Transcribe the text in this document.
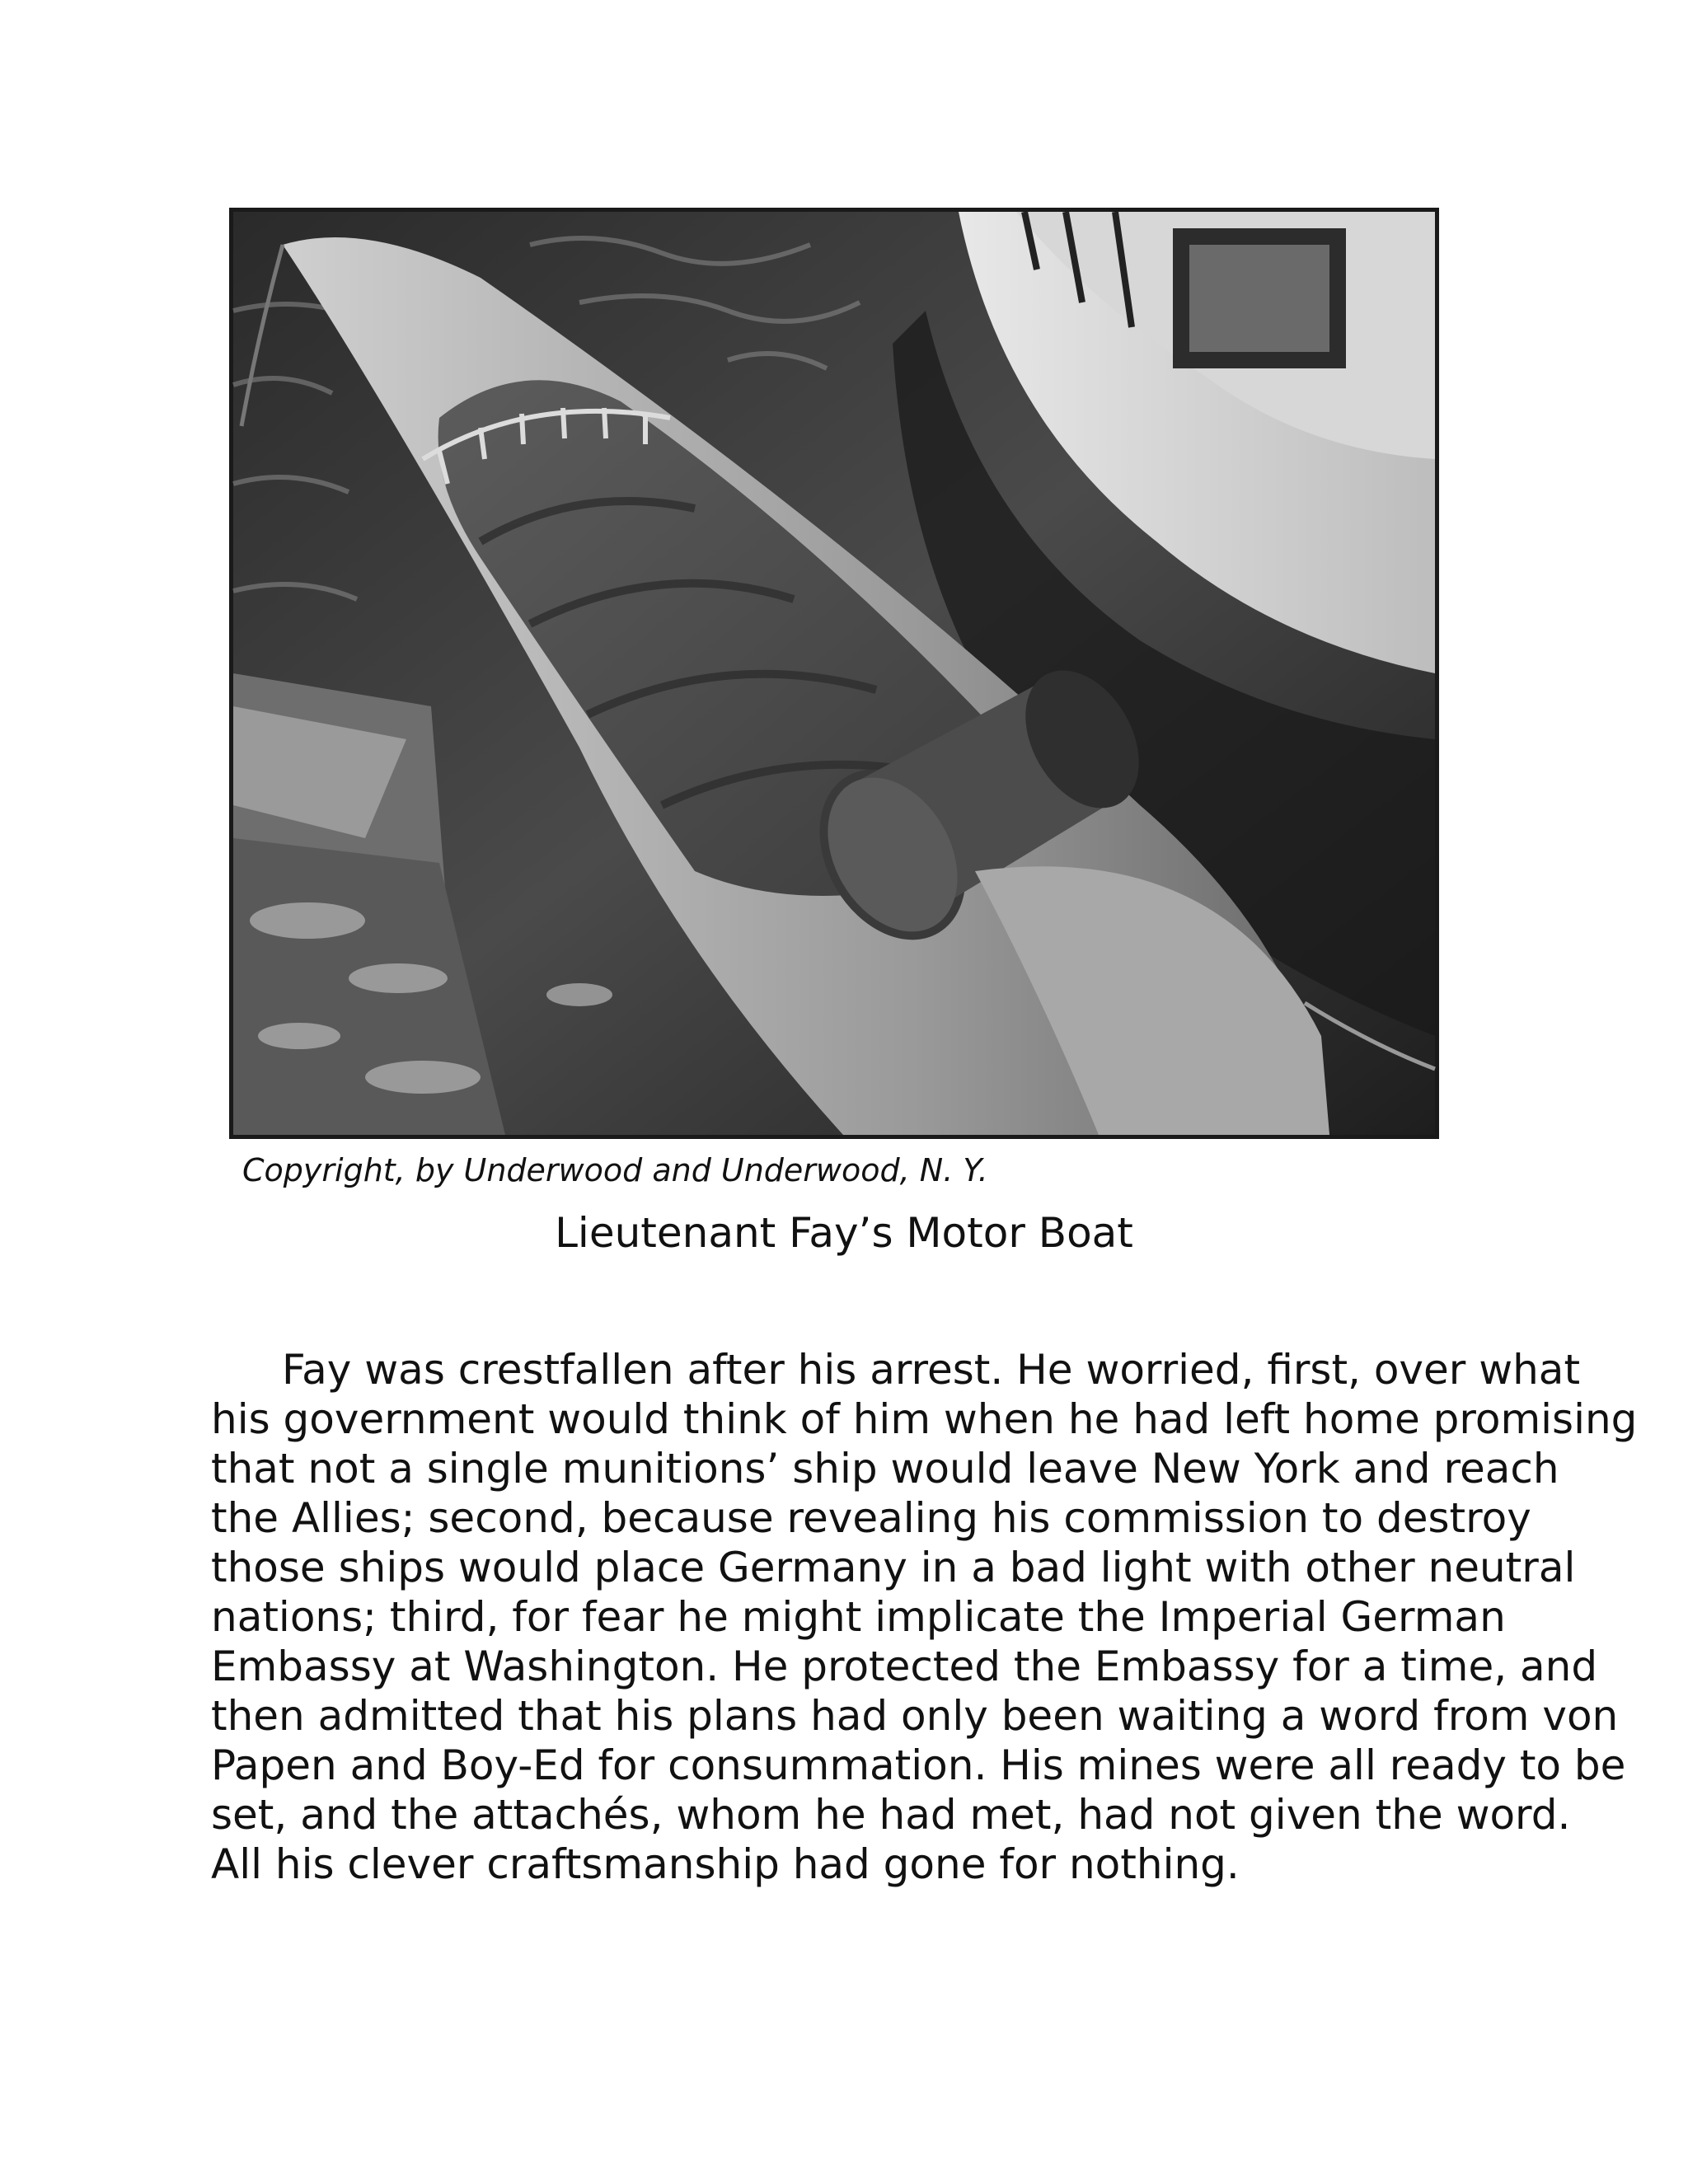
Copyright, by Underwood and Underwood, N. Y.
Lieutenant Fay’s Motor Boat

Fay was crestfallen after his arrest. He worried, first, over what
his government would think of him when he had left home promising
that not a single munitions’ ship would leave New York and reach
the Allies; second, because revealing his commission to destroy
those ships would place Germany in a bad light with other neutral
nations; third, for fear he might implicate the Imperial German
Embassy at Washington. He protected the Embassy for a time, and
then admitted that his plans had only been waiting a word from von
Papen and Boy-Ed for consummation. His mines were all ready to be
set, and the attachés, whom he had met, had not given the word.
All his clever craftsmanship had gone for nothing.
